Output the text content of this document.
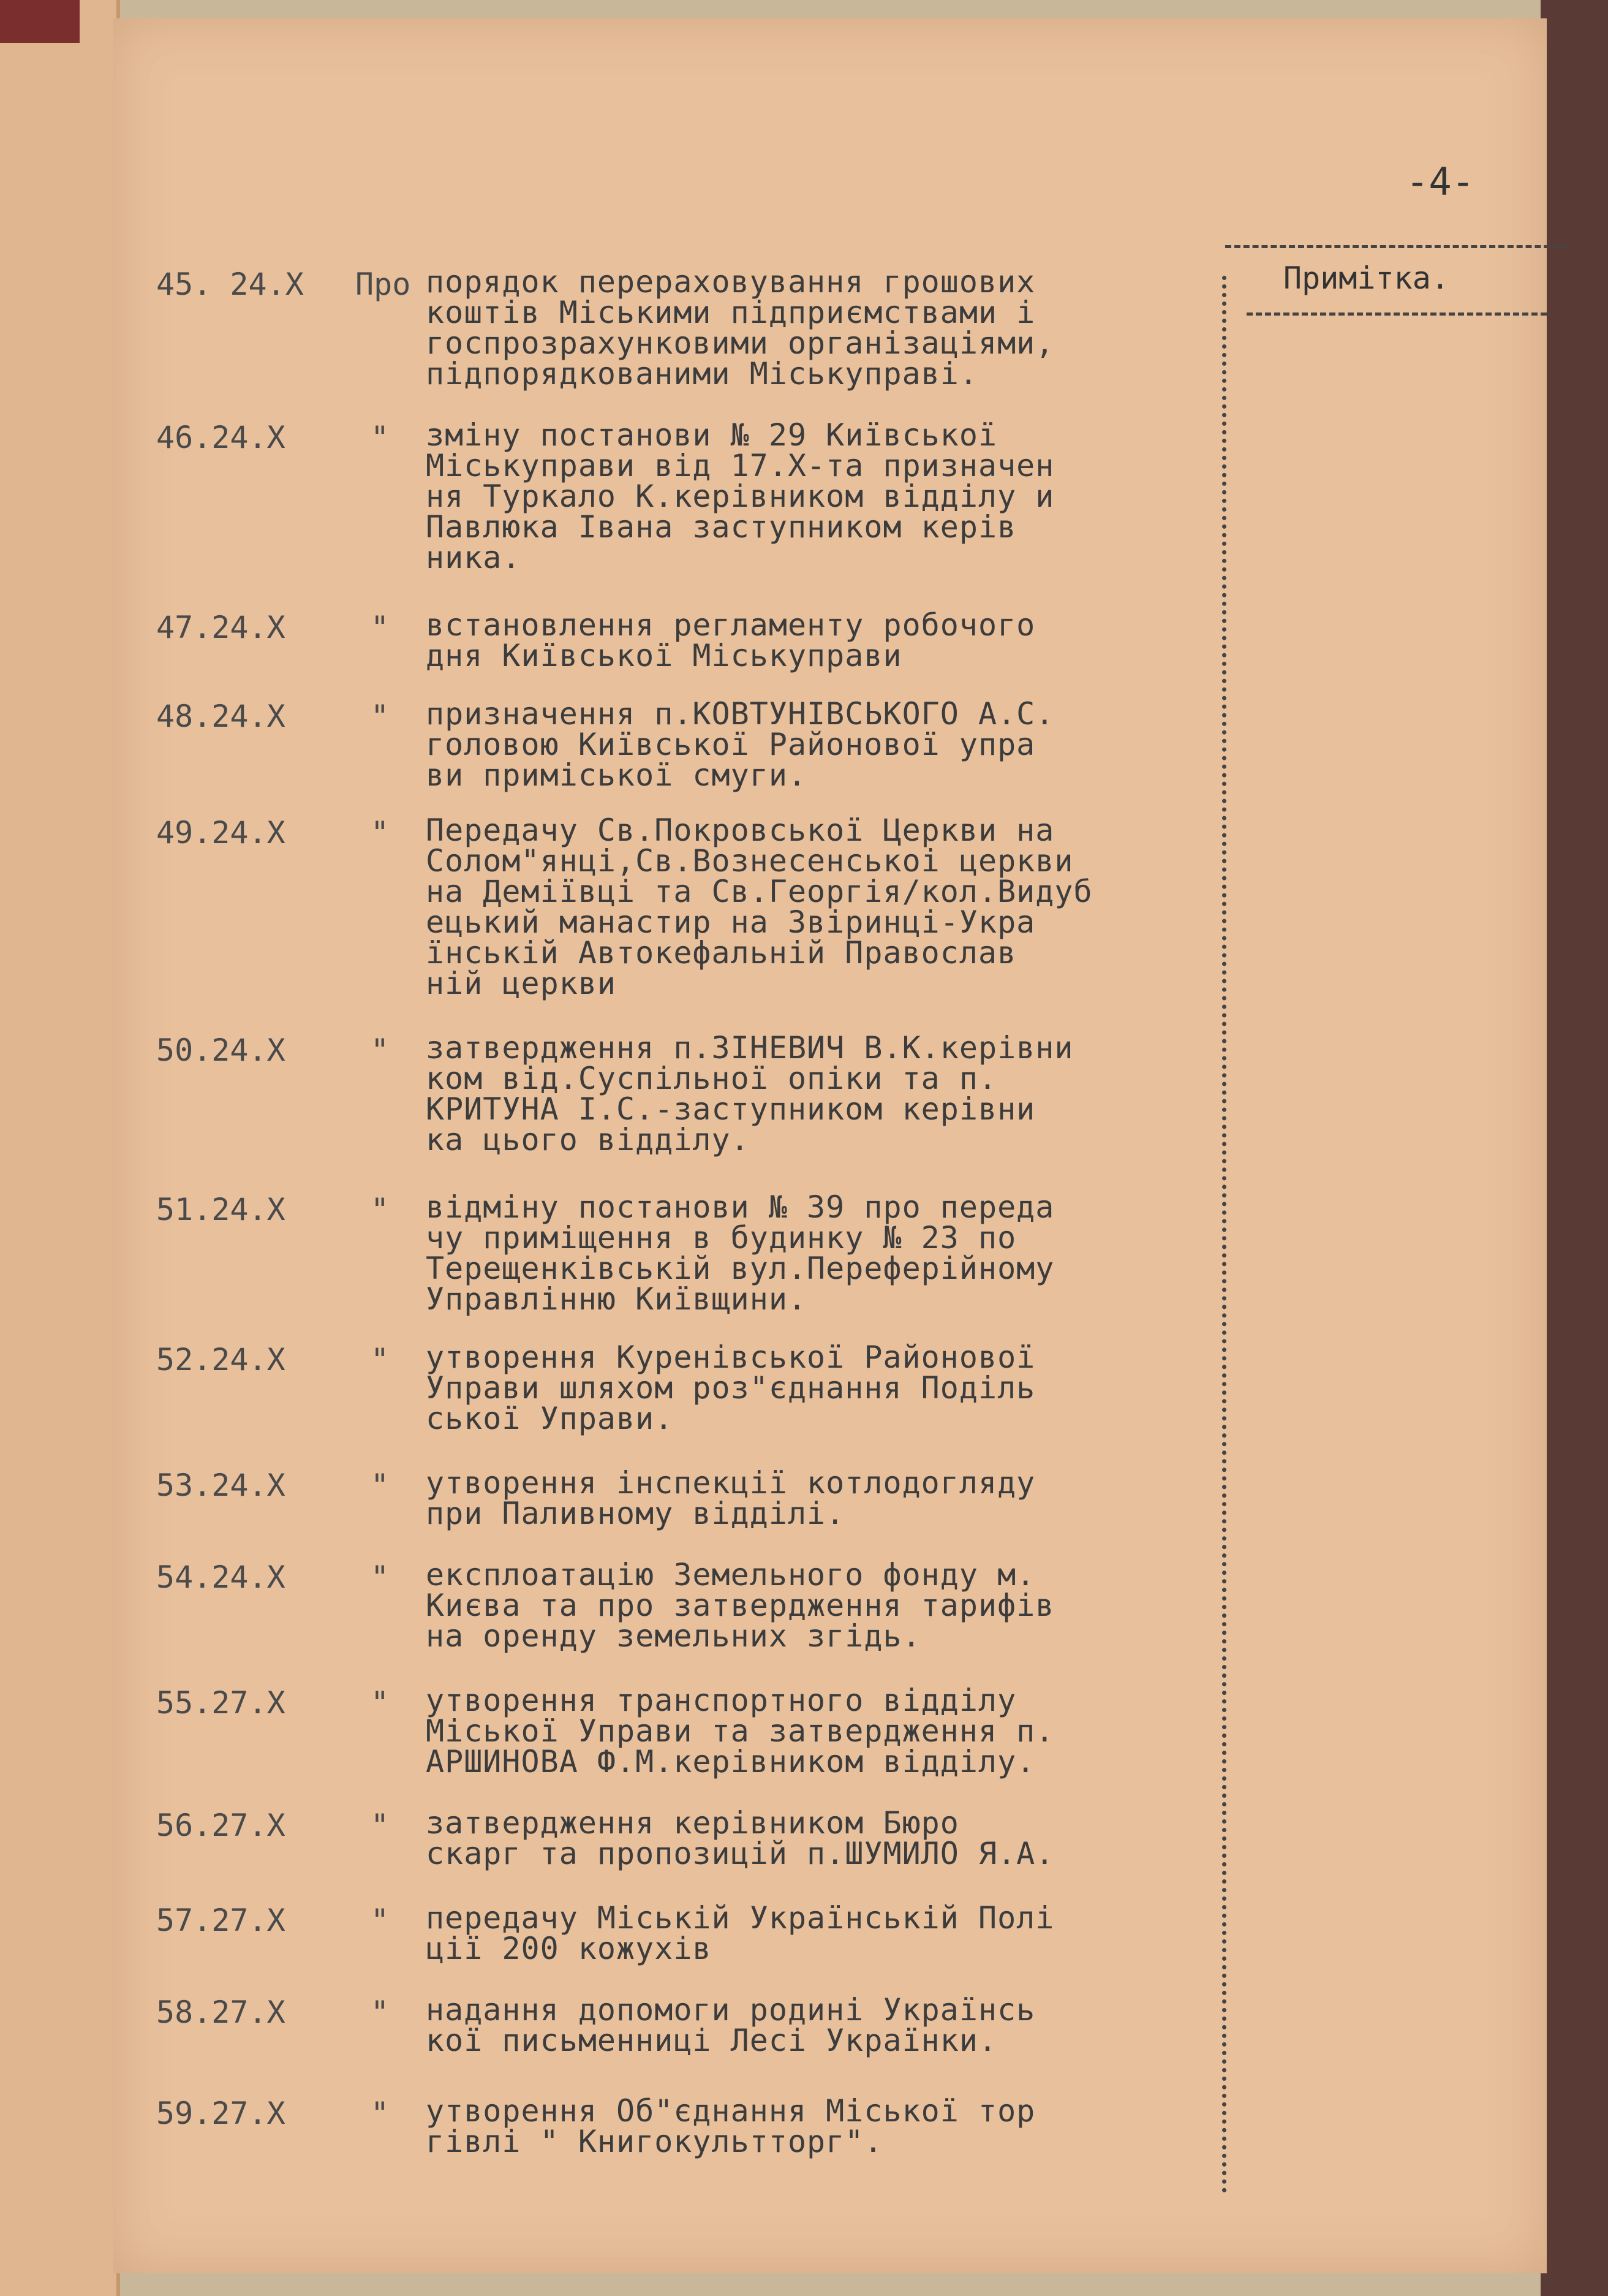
-4-
Примітка.
45. 24.X Про порядок перераховування грошових
коштів Міськими підприємствами і
госпрозрахунковими організаціями,
підпорядкованими Міськуправі.
46.24.X	"	зміну постанови № 29 Київської
Міськуправи від 17.Х-та призначен
ня Туркало К.керівником відділу и
Павлюка Івана заступником керів
ника.
47.24.X	"	встановлення регламенту робочого
дня Київської Міськуправи
48.24.X	"	призначення п.КОВТУНІВСЬКОГО А.С.
головою Київської Районової упра
ви приміської смуги.
49.24.X	"	Передачу Св.Покровської Церкви на
Солом"янці,Св.Вознесенськоі церкви
на Деміївці та Св.Георгія/кол.Видуб
ецький манастир на Звіринці-Укра
їнській Автокефальній Православ
ній церкви
50.24.X	"	затвердження п.ЗІНЕВИЧ В.К.керівни
ком від.Суспільної опіки та п.
КРИТУНА І.С.-заступником керівни
ка цього відділу.
51.24.X	"	відміну постанови № 39 про переда
чу приміщення в будинку № 23 по
Терещенківській вул.Переферійному
Управлінню Київщини.
52.24.X	"	утворення Куренівської Районової
Управи шляхом роз"єднання Поділь
ської Управи.
53.24.X	"	утворення інспекції котлодогляду
при Паливному відділі.
54.24.X	"	експлоатацію Земельного фонду м.
Києва та про затвердження тарифів
на оренду земельних згідь.
55.27.X	"	утворення транспортного відділу
Міської Управи та затвердження п.
АРШИНОВА Ф.М.керівником відділу.
56.27.X	"	затвердження керівником Бюро
скарг та пропозицій п.ШУМИЛО Я.А.
57.27.X	"	передачу Міській Українській Полі
ції 200 кожухів
58.27.X	"	надання допомоги родині Українсь
кої письменниці Лесі Українки.
59.27.X	"	утворення Об"єднання Міської тор
гівлі " Книгокультторг".
